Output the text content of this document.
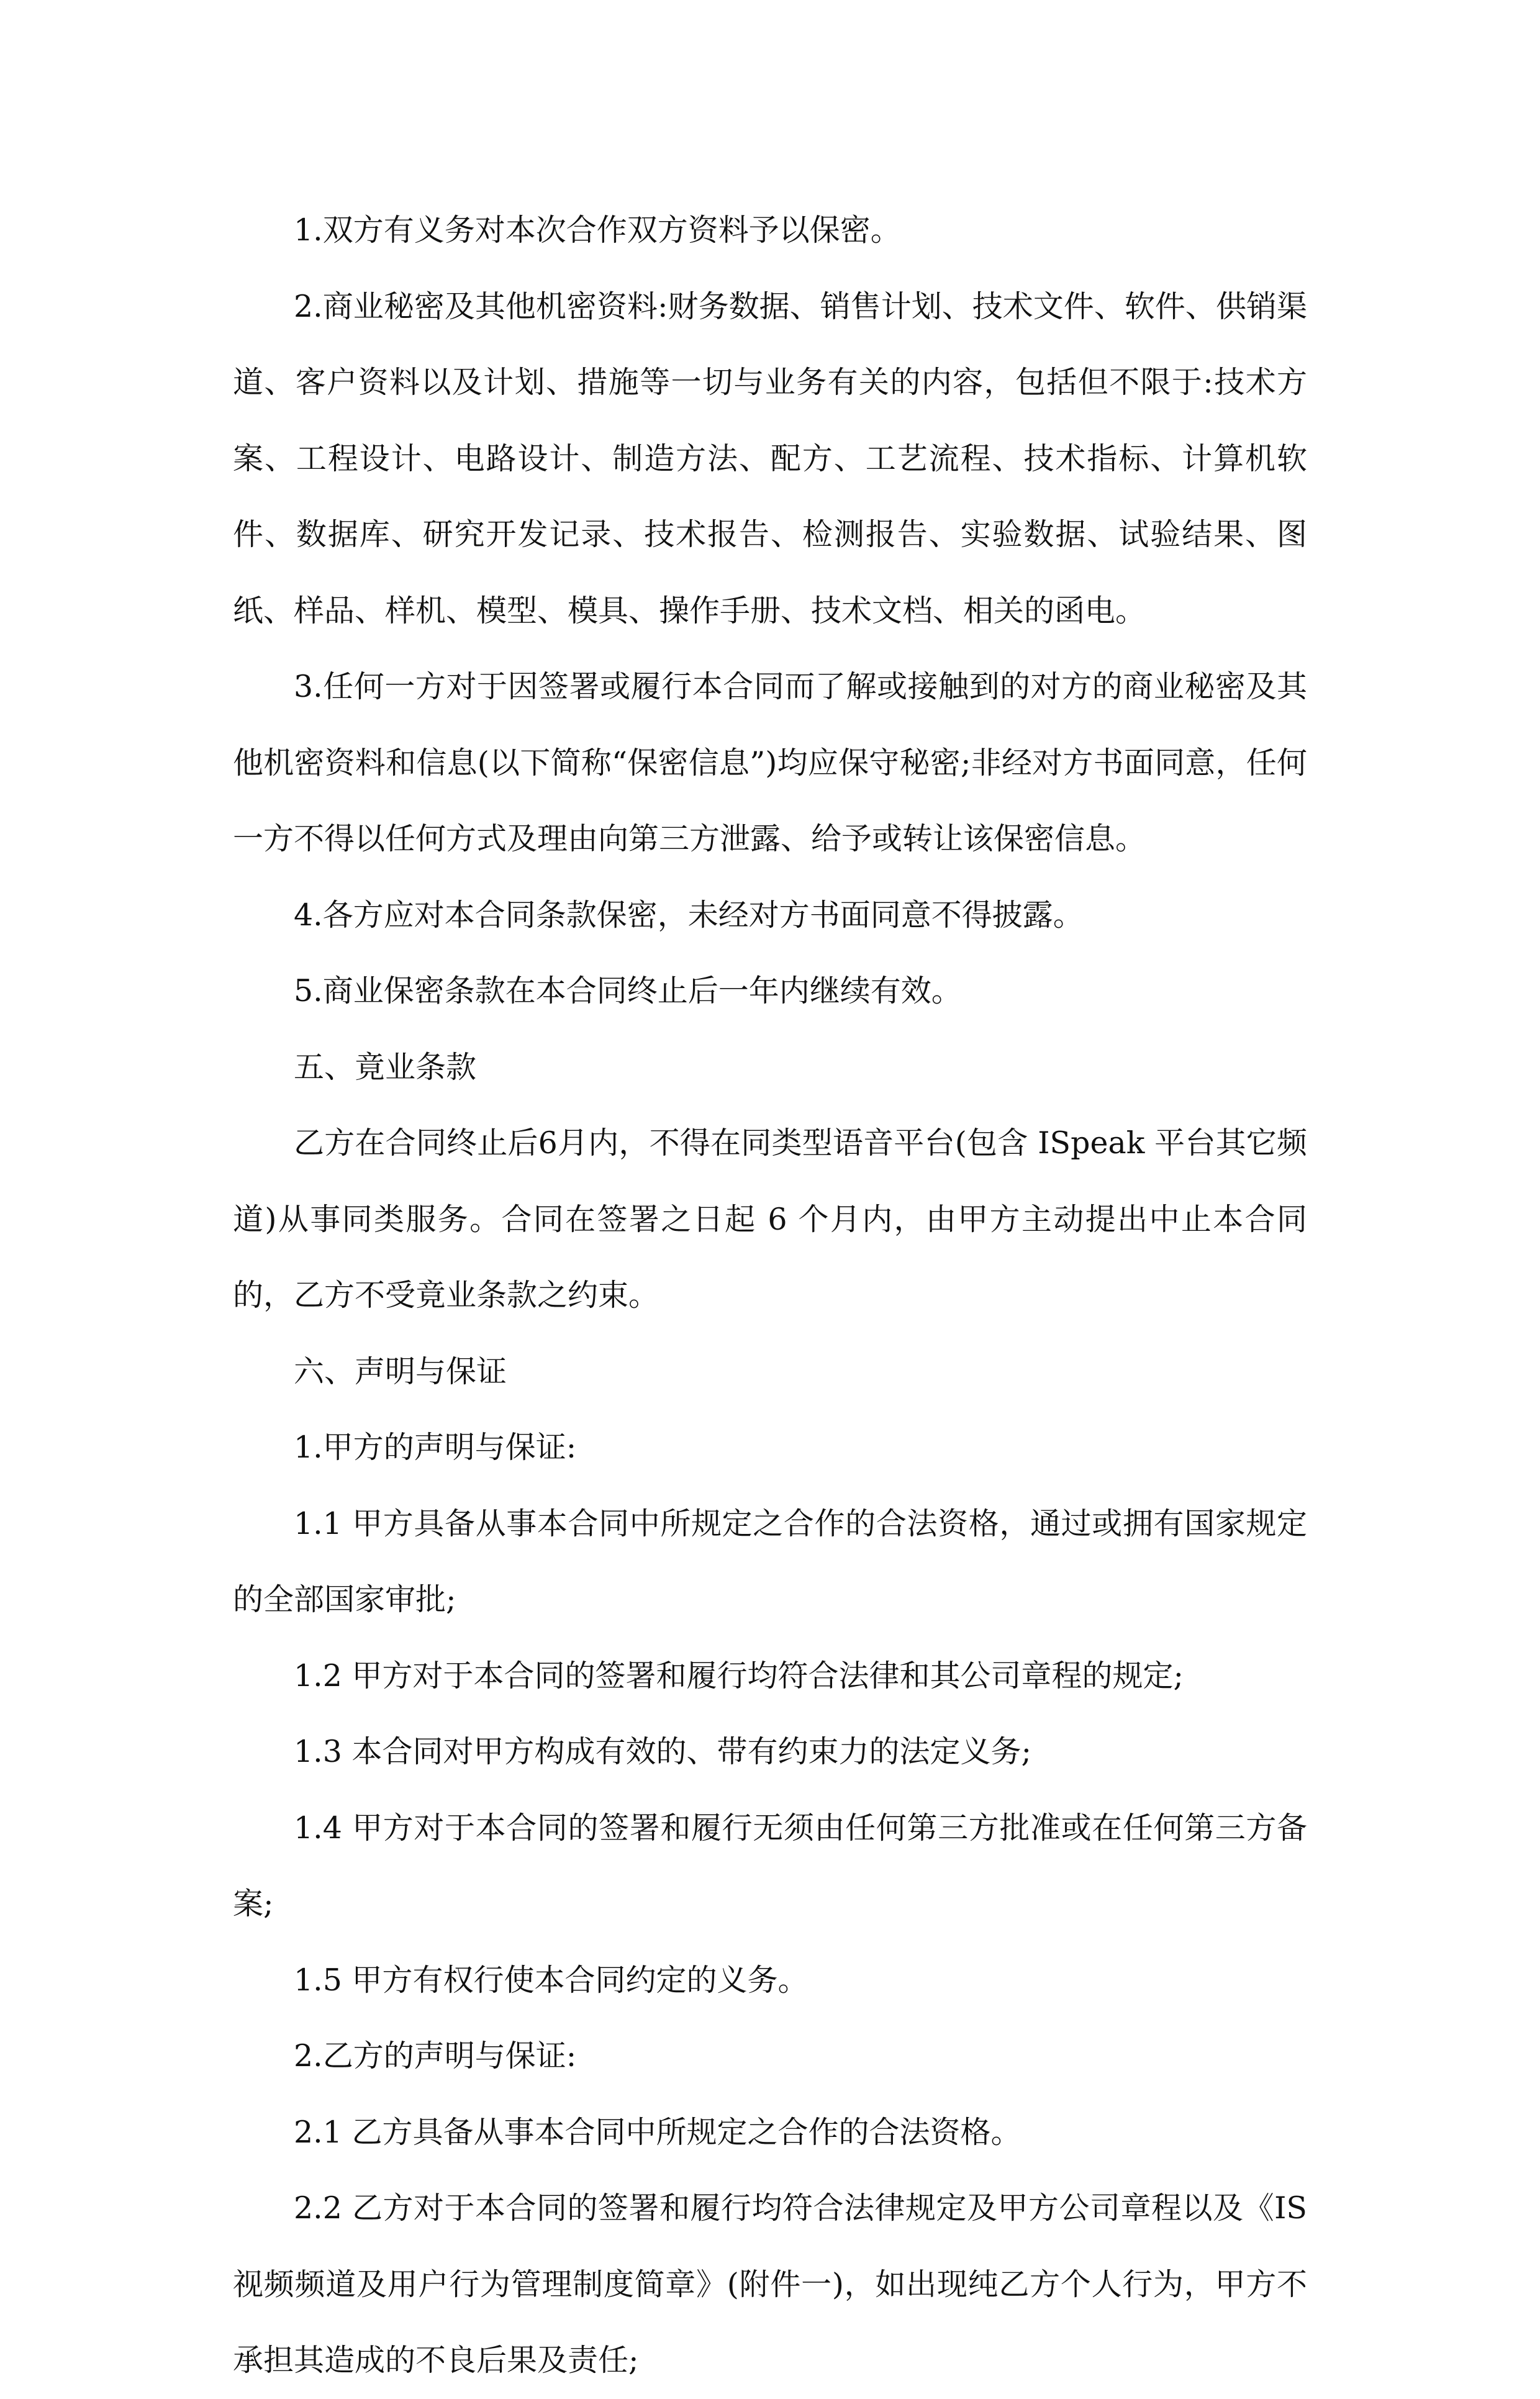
1.双方有义务对本次合作双方资料予以保密。

2.商业秘密及其他机密资料:财务数据、销售计划、技术文件、软件、供销渠道、客户资料以及计划、措施等一切与业务有关的内容，包括但不限于:技术方案、工程设计、电路设计、制造方法、配方、工艺流程、技术指标、计算机软件、数据库、研究开发记录、技术报告、检测报告、实验数据、试验结果、图纸、样品、样机、模型、模具、操作手册、技术文档、相关的函电。

3.任何一方对于因签署或履行本合同而了解或接触到的对方的商业秘密及其他机密资料和信息(以下简称“保密信息”)均应保守秘密;非经对方书面同意，任何一方不得以任何方式及理由向第三方泄露、给予或转让该保密信息。

4.各方应对本合同条款保密，未经对方书面同意不得披露。

5.商业保密条款在本合同终止后一年内继续有效。

五、竟业条款

乙方在合同终止后6月内，不得在同类型语音平台(包含 ISpeak 平台其它频道)从事同类服务。合同在签署之日起 6 个月内，由甲方主动提出中止本合同的，乙方不受竟业条款之约束。

六、声明与保证

1.甲方的声明与保证:

1.1 甲方具备从事本合同中所规定之合作的合法资格，通过或拥有国家规定的全部国家审批;

1.2 甲方对于本合同的签署和履行均符合法律和其公司章程的规定;

1.3 本合同对甲方构成有效的、带有约束力的法定义务;

1.4 甲方对于本合同的签署和履行无须由任何第三方批准或在任何第三方备案;

1.5 甲方有权行使本合同约定的义务。

2.乙方的声明与保证:

2.1 乙方具备从事本合同中所规定之合作的合法资格。

2.2 乙方对于本合同的签署和履行均符合法律规定及甲方公司章程以及《IS视频频道及用户行为管理制度简章》(附件一)，如出现纯乙方个人行为，甲方不承担其造成的不良后果及责任;
